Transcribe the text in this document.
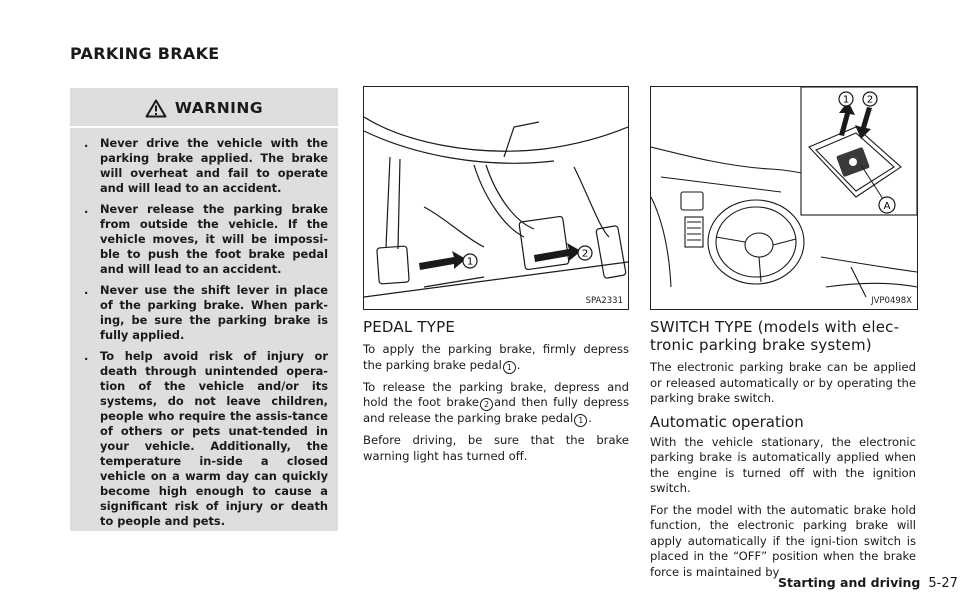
PARKING BRAKE
WARNING
. Never drive the vehicle with the parking brake applied. The brake will overheat and fail to operate and will lead to an accident.
. Never release the parking brake from outside the vehicle. If the vehicle moves, it will be impossi-ble to push the foot brake pedal and will lead to an accident.
. Never use the shift lever in place of the parking brake. When park-ing, be sure the parking brake is fully applied.
. To help avoid risk of injury or death through unintended opera-tion of the vehicle and/or its systems, do not leave children, people who require the assis-tance of others or pets unat-tended in your vehicle. Additionally, the temperature in-side a closed vehicle on a warm day can quickly become high enough to cause a significant risk of injury or death to people and pets.
1
2
SPA2331
1 2
A
JVP0498X
PEDAL TYPE

To apply the parking brake, firmly depress the parking brake pedal 1 .

To release the parking brake, depress and hold the foot brake 2 and then fully depress and release the parking brake pedal 1 .

Before driving, be sure that the brake warning light has turned off.

SWITCH TYPE (models with elec-
tronic parking brake system)

The electronic parking brake can be applied or released automatically or by operating the parking brake switch.

Automatic operation

With the vehicle stationary, the electronic parking brake is automatically applied when the engine is turned off with the ignition switch.

For the model with the automatic brake hold function, the electronic parking brake will apply automatically if the igni-tion switch is placed in the “OFF” position when the brake force is maintained by

Starting and driving 5-27
